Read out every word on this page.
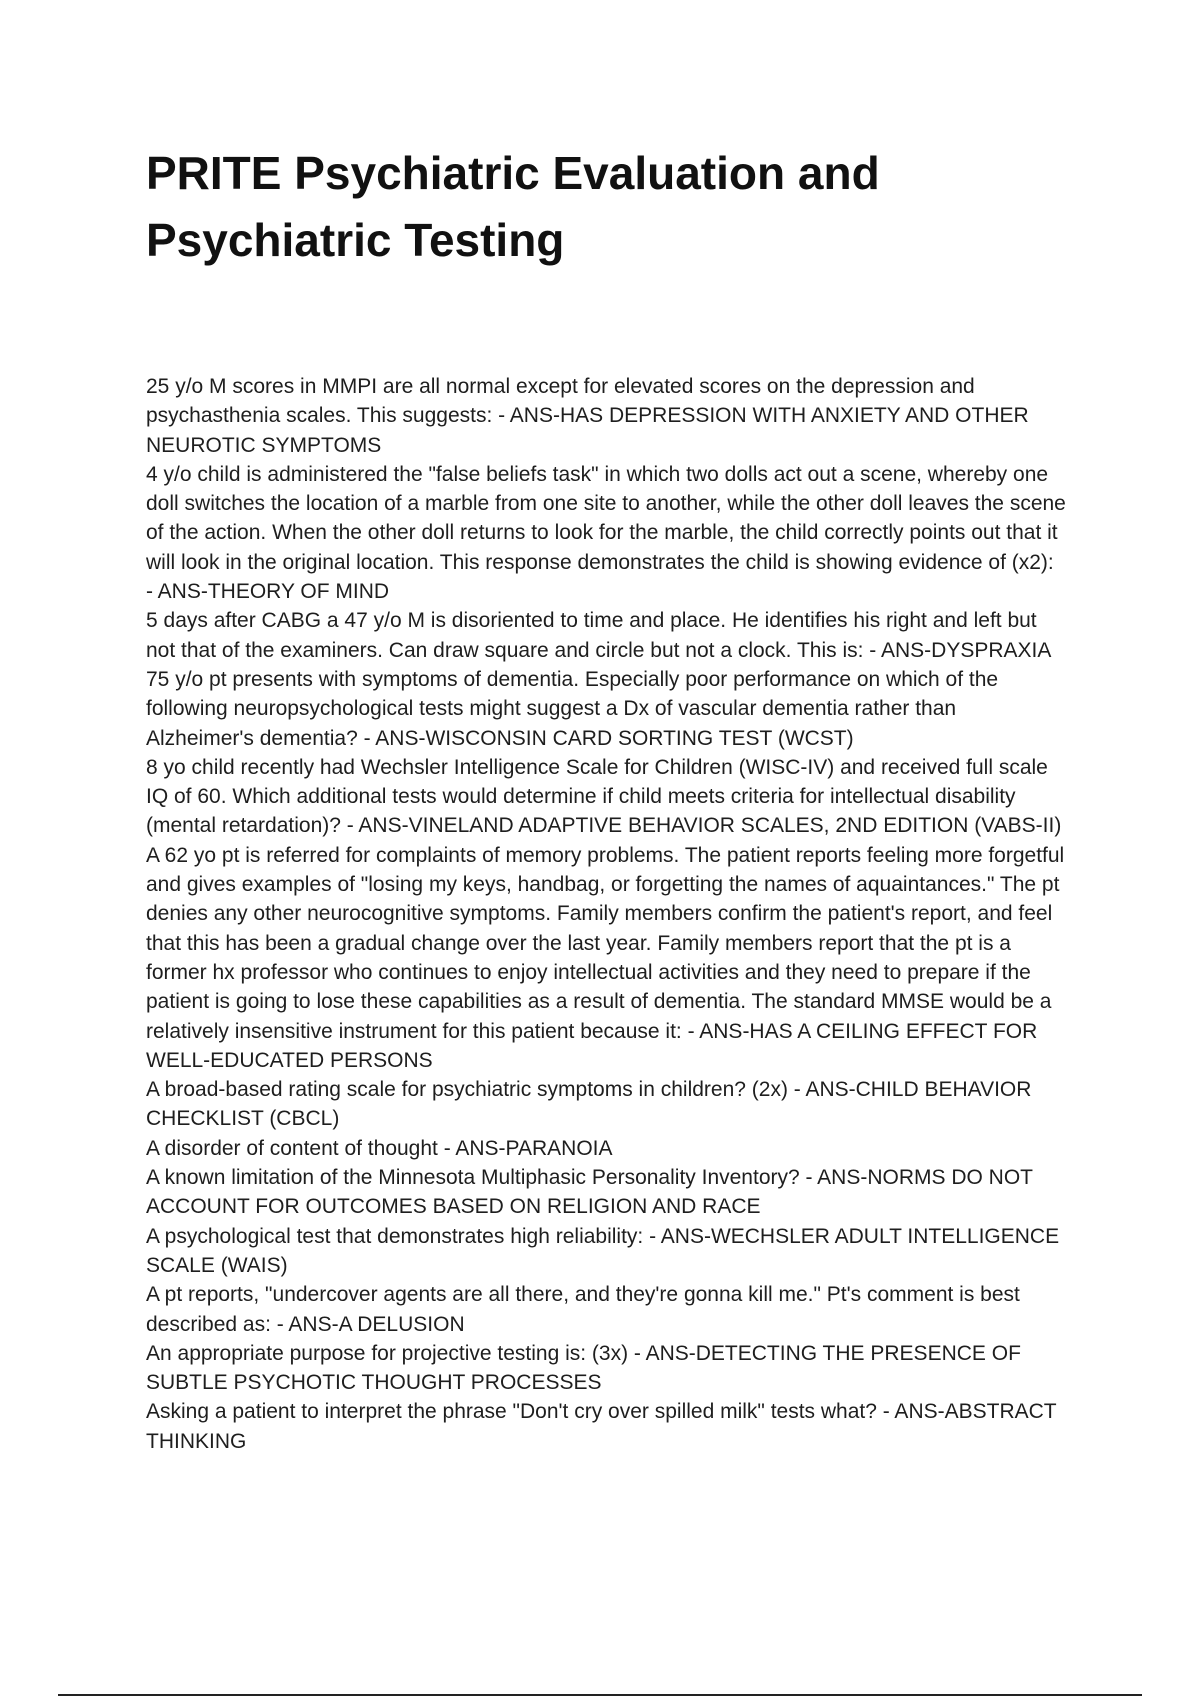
PRITE Psychiatric Evaluation and Psychiatric Testing

25 y/o M scores in MMPI are all normal except for elevated scores on the depression and psychasthenia scales. This suggests: - ANS-HAS DEPRESSION WITH ANXIETY AND OTHER NEUROTIC SYMPTOMS

4 y/o child is administered the "false beliefs task" in which two dolls act out a scene, whereby one doll switches the location of a marble from one site to another, while the other doll leaves the scene of the action. When the other doll returns to look for the marble, the child correctly points out that it will look in the original location. This response demonstrates the child is showing evidence of (x2): - ANS-THEORY OF MIND

5 days after CABG a 47 y/o M is disoriented to time and place. He identifies his right and left but not that of the examiners. Can draw square and circle but not a clock. This is: - ANS-DYSPRAXIA

75 y/o pt presents with symptoms of dementia. Especially poor performance on which of the following neuropsychological tests might suggest a Dx of vascular dementia rather than Alzheimer's dementia? - ANS-WISCONSIN CARD SORTING TEST (WCST)

8 yo child recently had Wechsler Intelligence Scale for Children (WISC-IV) and received full scale IQ of 60. Which additional tests would determine if child meets criteria for intellectual disability (mental retardation)? - ANS-VINELAND ADAPTIVE BEHAVIOR SCALES, 2ND EDITION (VABS-II)

A 62 yo pt is referred for complaints of memory problems. The patient reports feeling more forgetful and gives examples of "losing my keys, handbag, or forgetting the names of aquaintances." The pt denies any other neurocognitive symptoms. Family members confirm the patient's report, and feel that this has been a gradual change over the last year. Family members report that the pt is a former hx professor who continues to enjoy intellectual activities and they need to prepare if the patient is going to lose these capabilities as a result of dementia. The standard MMSE would be a relatively insensitive instrument for this patient because it: - ANS-HAS A CEILING EFFECT FOR WELL-EDUCATED PERSONS

A broad-based rating scale for psychiatric symptoms in children? (2x) - ANS-CHILD BEHAVIOR CHECKLIST (CBCL)

A disorder of content of thought - ANS-PARANOIA

A known limitation of the Minnesota Multiphasic Personality Inventory? - ANS-NORMS DO NOT ACCOUNT FOR OUTCOMES BASED ON RELIGION AND RACE

A psychological test that demonstrates high reliability: - ANS-WECHSLER ADULT INTELLIGENCE SCALE (WAIS)

A pt reports, "undercover agents are all there, and they're gonna kill me." Pt's comment is best described as: - ANS-A DELUSION

An appropriate purpose for projective testing is: (3x) - ANS-DETECTING THE PRESENCE OF SUBTLE PSYCHOTIC THOUGHT PROCESSES

Asking a patient to interpret the phrase "Don't cry over spilled milk" tests what? - ANS-ABSTRACT THINKING
